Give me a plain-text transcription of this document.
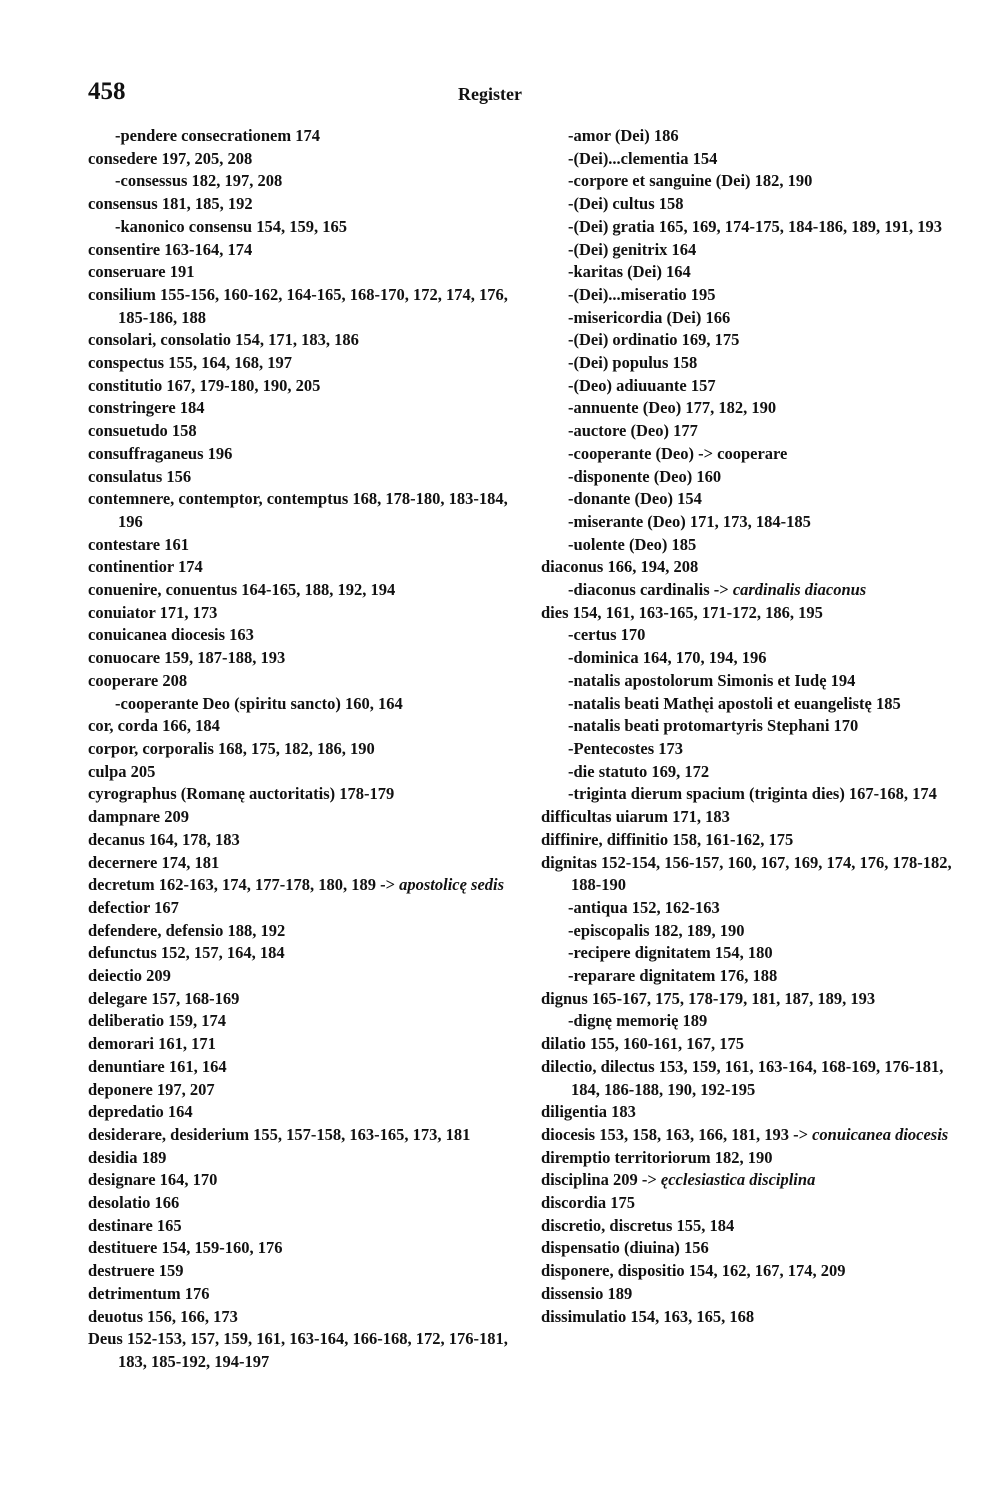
458	Register
-pendere consecrationem 174
consedere 197, 205, 208
-consessus 182, 197, 208
consensus 181, 185, 192
-kanonico consensu 154, 159, 165
consentire 163-164, 174
conseruare 191
consilium 155-156, 160-162, 164-165, 168-170, 172, 174, 176, 185-186, 188
consolari, consolatio 154, 171, 183, 186
conspectus 155, 164, 168, 197
constitutio 167, 179-180, 190, 205
constringere 184
consuetudo 158
consuffraganeus 196
consulatus 156
contemnere, contemptor, contemptus 168, 178-180, 183-184, 196
contestare 161
continentior 174
conuenire, conuentus 164-165, 188, 192, 194
conuiator 171, 173
conuicanea diocesis 163
conuocare 159, 187-188, 193
cooperare 208
-cooperante Deo (spiritu sancto) 160, 164
cor, corda 166, 184
corpor, corporalis 168, 175, 182, 186, 190
culpa 205
cyrographus (Romanę auctoritatis) 178-179
dampnare 209
decanus 164, 178, 183
decernere 174, 181
decretum 162-163, 174, 177-178, 180, 189 -> apostolicę sedis
defectior 167
defendere, defensio 188, 192
defunctus 152, 157, 164, 184
deiectio 209
delegare 157, 168-169
deliberatio 159, 174
demorari 161, 171
denuntiare 161, 164
deponere 197, 207
depredatio 164
desiderare, desiderium 155, 157-158, 163-165, 173, 181
desidia 189
designare 164, 170
desolatio 166
destinare 165
destituere 154, 159-160, 176
destruere 159
detrimentum 176
deuotus 156, 166, 173
Deus 152-153, 157, 159, 161, 163-164, 166-168, 172, 176-181, 183, 185-192, 194-197
-amor (Dei) 186
-(Dei)...clementia 154
-corpore et sanguine (Dei) 182, 190
-(Dei) cultus 158
-(Dei) gratia 165, 169, 174-175, 184-186, 189, 191, 193
-(Dei) genitrix 164
-karitas (Dei) 164
-(Dei)...miseratio 195
-misericordia (Dei) 166
-(Dei) ordinatio 169, 175
-(Dei) populus 158
-(Deo) adiuuante 157
-annuente (Deo) 177, 182, 190
-auctore (Deo) 177
-cooperante (Deo) -> cooperare
-disponente (Deo) 160
-donante (Deo) 154
-miserante (Deo) 171, 173, 184-185
-uolente (Deo) 185
diaconus 166, 194, 208
-diaconus cardinalis -> cardinalis diaconus
dies 154, 161, 163-165, 171-172, 186, 195
-certus 170
-dominica 164, 170, 194, 196
-natalis apostolorum Simonis et Iudę 194
-natalis beati Mathęi apostoli et euangelistę 185
-natalis beati protomartyris Stephani 170
-Pentecostes 173
-die statuto 169, 172
-triginta dierum spacium (triginta dies) 167-168, 174
difficultas uiarum 171, 183
diffinire, diffinitio 158, 161-162, 175
dignitas 152-154, 156-157, 160, 167, 169, 174, 176, 178-182, 188-190
-antiqua 152, 162-163
-episcopalis 182, 189, 190
-recipere dignitatem 154, 180
-reparare dignitatem 176, 188
dignus 165-167, 175, 178-179, 181, 187, 189, 193
-dignę memorię 189
dilatio 155, 160-161, 167, 175
dilectio, dilectus 153, 159, 161, 163-164, 168-169, 176-181, 184, 186-188, 190, 192-195
diligentia 183
diocesis 153, 158, 163, 166, 181, 193 -> conuicanea diocesis
diremptio territoriorum 182, 190
disciplina 209 -> ęcclesiastica disciplina
discordia 175
discretio, discretus 155, 184
dispensatio (diuina) 156
disponere, dispositio 154, 162, 167, 174, 209
dissensio 189
dissimulatio 154, 163, 165, 168
